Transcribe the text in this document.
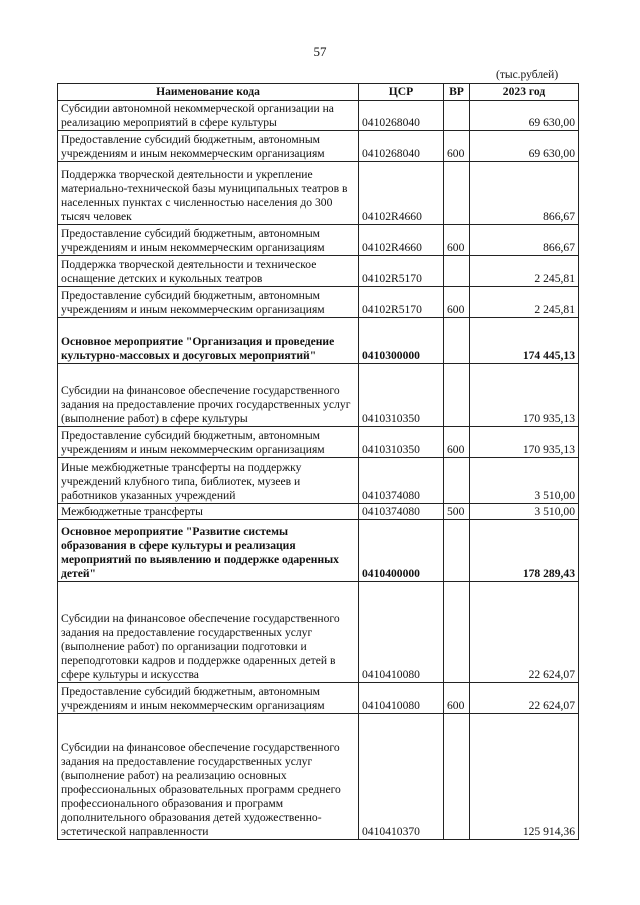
57
(тыс.рублей)
Наименование кода	ЦСР	ВР	2023 год
Субсидии автономной некоммерческой организации на реализацию мероприятий в сфере культуры	0410268040		69 630,00
Предоставление субсидий бюджетным, автономным учреждениям и иным некоммерческим организациям	0410268040	600	69 630,00
Поддержка творческой деятельности и укрепление материально-технической базы муниципальных театров в населенных пунктах с численностью населения до 300 тысяч человек	04102R4660		866,67
Предоставление субсидий бюджетным, автономным учреждениям и иным некоммерческим организациям	04102R4660	600	866,67
Поддержка творческой деятельности и техническое оснащение детских и кукольных театров	04102R5170		2 245,81
Предоставление субсидий бюджетным, автономным учреждениям и иным некоммерческим организациям	04102R5170	600	2 245,81
Основное мероприятие "Организация и проведение культурно-массовых и досуговых мероприятий"	0410300000		174 445,13
Субсидии на финансовое обеспечение государственного задания на предоставление прочих государственных услуг (выполнение работ) в сфере культуры	0410310350		170 935,13
Предоставление субсидий бюджетным, автономным учреждениям и иным некоммерческим организациям	0410310350	600	170 935,13
Иные межбюджетные трансферты на поддержку учреждений клубного типа, библиотек, музеев и работников указанных учреждений	0410374080		3 510,00
Межбюджетные трансферты	0410374080	500	3 510,00
Основное мероприятие "Развитие системы образования в сфере культуры и реализация мероприятий по выявлению и поддержке одаренных детей"	0410400000		178 289,43
Субсидии на финансовое обеспечение государственного задания на предоставление государственных услуг (выполнение работ) по организации подготовки и переподготовки кадров и поддержке одаренных детей в сфере культуры и искусства	0410410080		22 624,07
Предоставление субсидий бюджетным, автономным учреждениям и иным некоммерческим организациям	0410410080	600	22 624,07
Субсидии на финансовое обеспечение государственного задания на предоставление государственных услуг (выполнение работ) на реализацию основных профессиональных образовательных программ среднего профессионального образования и программ дополнительного образования детей художественно-эстетической направленности	0410410370		125 914,36
